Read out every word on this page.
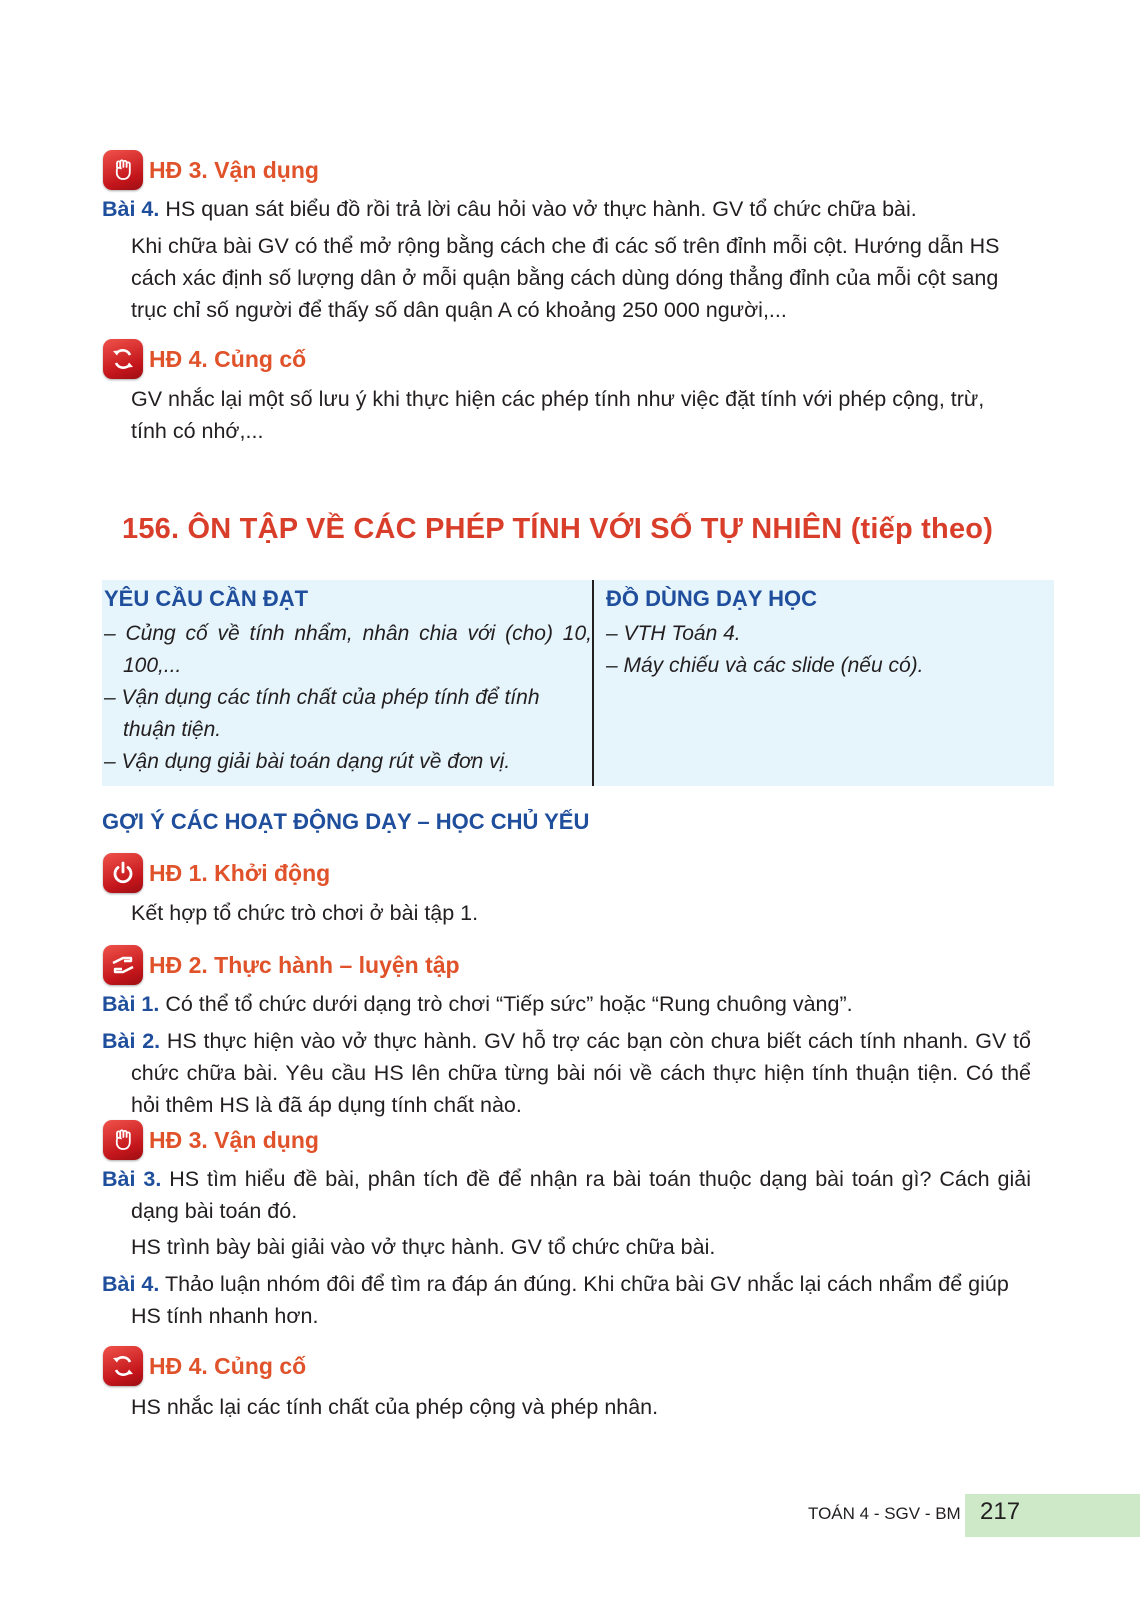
HĐ 3. Vận dụng
Bài 4. HS quan sát biểu đồ rồi trả lời câu hỏi vào vở thực hành. GV tổ chức chữa bài.
Khi chữa bài GV có thể mở rộng bằng cách che đi các số trên đỉnh mỗi cột. Hướng dẫn HS cách xác định số lượng dân ở mỗi quận bằng cách dùng dóng thẳng đỉnh của mỗi cột sang trục chỉ số người để thấy số dân quận A có khoảng 250 000 người,...
HĐ 4. Củng cố
GV nhắc lại một số lưu ý khi thực hiện các phép tính như việc đặt tính với phép cộng, trừ, tính có nhớ,...
156. ÔN TẬP VỀ CÁC PHÉP TÍNH VỚI SỐ TỰ NHIÊN (tiếp theo)
YÊU CẦU CẦN ĐẠT
– Củng cố về tính nhẩm, nhân chia với (cho) 10, 100,...
– Vận dụng các tính chất của phép tính để tính thuận tiện.
– Vận dụng giải bài toán dạng rút về đơn vị.
ĐỒ DÙNG DẠY HỌC
– VTH Toán 4.
– Máy chiếu và các slide (nếu có).
GỢI Ý CÁC HOẠT ĐỘNG DẠY – HỌC CHỦ YẾU
HĐ 1. Khởi động
Kết hợp tổ chức trò chơi ở bài tập 1.
HĐ 2. Thực hành – luyện tập
Bài 1. Có thể tổ chức dưới dạng trò chơi “Tiếp sức” hoặc “Rung chuông vàng”.
Bài 2. HS thực hiện vào vở thực hành. GV hỗ trợ các bạn còn chưa biết cách tính nhanh. GV tổ chức chữa bài. Yêu cầu HS lên chữa từng bài nói về cách thực hiện tính thuận tiện. Có thể hỏi thêm HS là đã áp dụng tính chất nào.
HĐ 3. Vận dụng
Bài 3. HS tìm hiểu đề bài, phân tích đề để nhận ra bài toán thuộc dạng bài toán gì? Cách giải dạng bài toán đó.
HS trình bày bài giải vào vở thực hành. GV tổ chức chữa bài.
Bài 4. Thảo luận nhóm đôi để tìm ra đáp án đúng. Khi chữa bài GV nhắc lại cách nhẩm để giúp HS tính nhanh hơn.
HĐ 4. Củng cố
HS nhắc lại các tính chất của phép cộng và phép nhân.
TOÁN 4 - SGV - BM 217
